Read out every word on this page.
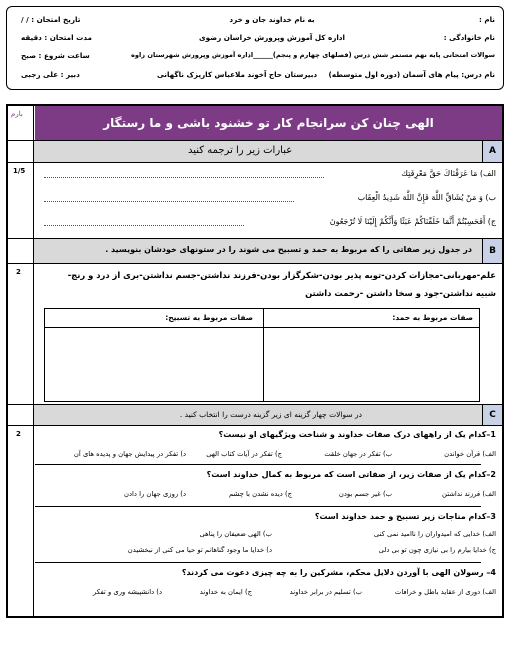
نام :
به نام خداوند جان و خرد
تاریخ امتحان : / /
نام خانوادگی :
اداره کل آموزش وپرورش خراسان رضوی
مدت امتحان : دقیقه
سوالات امتحانی پایه نهم مستمر شش درس (فصلهای چهارم و پنجم)______اداره آموزش وپرورش شهرستان زاوه
ساعت شروع : صبح
نام درس: پیام های آسمان (دوره اول متوسطه)
دبیرستان حاج آخوند ملاعباس کاریزک ناگهانی
دبیر : علی رجبی
بارم
الهی چنان کن سرانجام کار تو خشنود باشی و ما رستگار
عبارات زیر را ترجمه کنید	A
1/5	الف) مَا عَرَفْنَاكَ حَقَّ مَعْرِفَتِك
ب) وَ مَنْ يُشَاقِّ اللَّهَ فَإِنَّ اللَّهَ شَدِيدُ الْعِقَاب
ج) أَفَحَسِبْتُمْ أَنَّمَا خَلَقْنَاكُمْ عَبَثًا وَأَنَّكُمْ إِلَيْنَا لَا تُرْجَعُونَ
در جدول زیر صفاتی را که مربوط به حمد و تسبیح می شوند را در ستونهای خودشان بنویسید .	B
2	علم-مهربانی-مجازات کردن-توبه پذیر بودن-شکرگزار بودن-فرزند نداشتن-جسم نداشتن-بری از درد و رنج-
شبیه نداشتن-جود و سخا داشتن -رحمت داشتن
صفات مربوط به حمد:
صفات مربوط به تسبیح:
در سوالات چهار گزینه ای زیر گزینه درست را انتخاب کنید .	C
2	1–کدام یک از راههای درک صفات خداوند و شناخت ویژگیهای او نیست؟
الف) قرآن خواندن
ب) تفکر در جهان خلقت
ج) تفکر در آیات کتاب الهی
د) تفکر در پیدایش جهان و پدیده های آن
2–کدام یک از صفات زیر، از صفاتی است که مربوط به کمال خداوند است؟
الف) فرزند نداشتن
ب) غیر جسم بودن
ج) دیده نشدن با چشم
د) روزی جهان را دادن
3–کدام مناجات زیر تسبیح و حمد خداوند است؟
الف) خدایی که امیدواران را ناامید نمی کنی
ب) الهی ضعیفان را پناهی
ج) خدایا بیارم را بی نیازی چون تو بی دلی
د) خدایا ما وجود گناهانم تو حیا می کنی از نبخشیدن
4– رسولان الهی با آوردن دلایل محکم، مشرکین را به چه چیزی دعوت می کردند؟
الف) دوری از عقاید باطل و خرافات
ب) تسلیم در برابر خداوند
ج) ایمان به خداوند
د) دانشپیشه وری و تفکر
